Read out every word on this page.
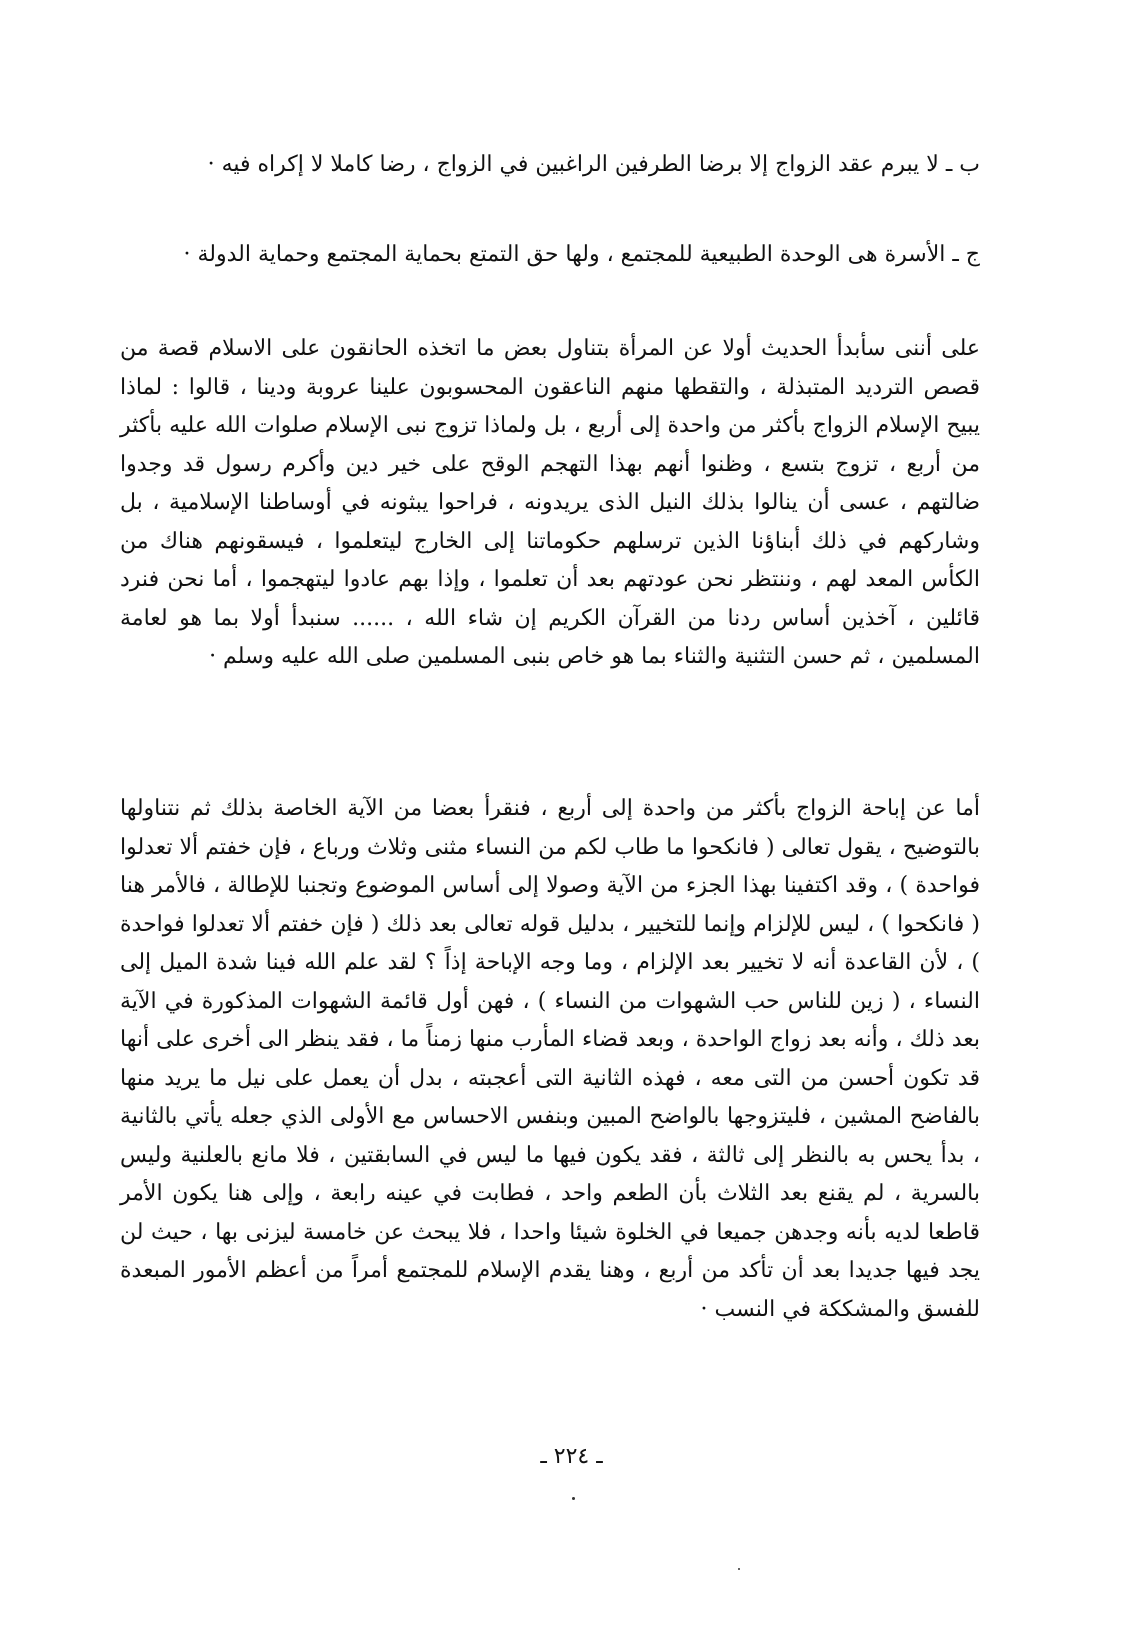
ب ـ لا يبرم عقد الزواج إلا برضا الطرفين الراغبين في الزواج ، رضا كاملا لا إكراه فيه ·

ج ـ الأسرة هى الوحدة الطبيعية للمجتمع ، ولها حق التمتع بحماية المجتمع وحماية الدولة ·

على أننى سأبدأ الحديث أولا عن المرأة بتناول بعض ما اتخذه الحانقون على الاسلام قصة من قصص الترديد المتبذلة ، والتقطها منهم الناعقون المحسوبون علينا عروبة ودينا ، قالوا : لماذا يبيح الإسلام الزواج بأكثر من واحدة إلى أربع ، بل ولماذا تزوج نبى الإسلام صلوات الله عليه بأكثر من أربع ، تزوج بتسع ، وظنوا أنهم بهذا التهجم الوقح على خير دين وأكرم رسول قد وجدوا ضالتهم ، عسى أن ينالوا بذلك النيل الذى يريدونه ، فراحوا يبثونه في أوساطنا الإسلامية ، بل وشاركهم في ذلك أبناؤنا الذين ترسلهم حكوماتنا إلى الخارج ليتعلموا ، فيسقونهم هناك من الكأس المعد لهم ، وننتظر نحن عودتهم بعد أن تعلموا ، وإذا بهم عادوا ليتهجموا ، أما نحن فنرد قائلين ، آخذين أساس ردنا من القرآن الكريم إن شاء الله ، ...... سنبدأ أولا بما هو لعامة المسلمين ، ثم حسن التثنية والثناء بما هو خاص بنبى المسلمين صلى الله عليه وسلم ·

أما عن إباحة الزواج بأكثر من واحدة إلى أربع ، فنقرأ بعضا من الآية الخاصة بذلك ثم نتناولها بالتوضيح ، يقول تعالى ( فانكحوا ما طاب لكم من النساء مثنى وثلاث ورباع ، فإن خفتم ألا تعدلوا فواحدة ) ، وقد اكتفينا بهذا الجزء من الآية وصولا إلى أساس الموضوع وتجنبا للإطالة ، فالأمر هنا ( فانكحوا ) ، ليس للإلزام وإنما للتخيير ، بدليل قوله تعالى بعد ذلك ( فإن خفتم ألا تعدلوا فواحدة ) ، لأن القاعدة أنه لا تخيير بعد الإلزام ، وما وجه الإباحة إذاً ؟ لقد علم الله فينا شدة الميل إلى النساء ، ( زين للناس حب الشهوات من النساء ) ، فهن أول قائمة الشهوات المذكورة في الآية بعد ذلك ، وأنه بعد زواج الواحدة ، وبعد قضاء المأرب منها زمناً ما ، فقد ينظر الى أخرى على أنها قد تكون أحسن من التى معه ، فهذه الثانية التى أعجبته ، بدل أن يعمل على نيل ما يريد منها بالفاضح المشين ، فليتزوجها بالواضح المبين وبنفس الاحساس مع الأولى الذي جعله يأتي بالثانية ، بدأ يحس به بالنظر إلى ثالثة ، فقد يكون فيها ما ليس في السابقتين ، فلا مانع بالعلنية وليس بالسرية ، لم يقنع بعد الثلاث بأن الطعم واحد ، فطابت في عينه رابعة ، وإلى هنا يكون الأمر قاطعا لديه بأنه وجدهن جميعا في الخلوة شيئا واحدا ، فلا يبحث عن خامسة ليزنى بها ، حيث لن يجد فيها جديدا بعد أن تأكد من أربع ، وهنا يقدم الإسلام للمجتمع أمراً من أعظم الأمور المبعدة للفسق والمشككة في النسب ·

ـ ٢٢٤ ـ
